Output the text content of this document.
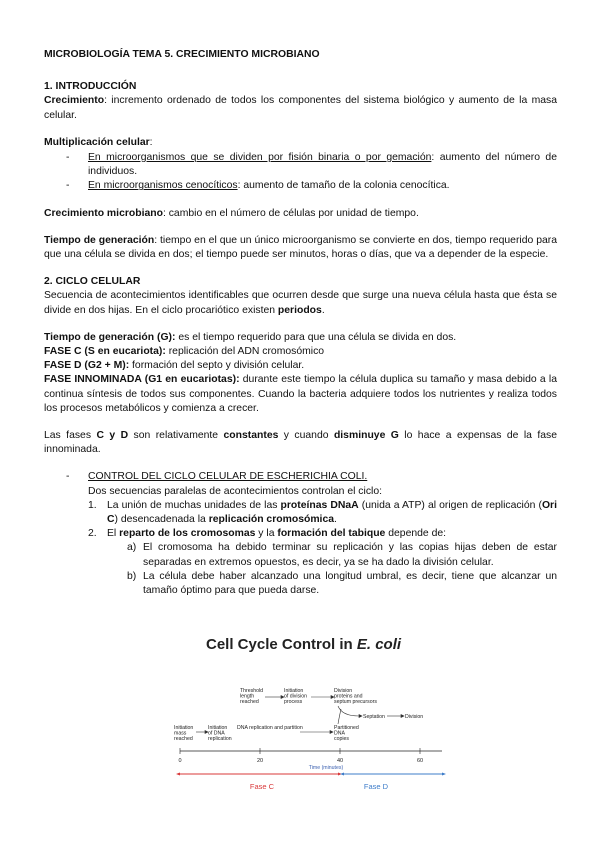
MICROBIOLOGÍA TEMA 5. CRECIMIENTO MICROBIANO

1. INTRODUCCIÓN

Crecimiento: incremento ordenado de todos los componentes del sistema biológico y aumento de la masa celular.

Multiplicación celular:

- En microorganismos que se dividen por fisión binaria o por gemación: aumento del número de individuos.
- En microorganismos cenocíticos: aumento de tamaño de la colonia cenocítica.

Crecimiento microbiano: cambio en el número de células por unidad de tiempo.

Tiempo de generación: tiempo en el que un único microorganismo se convierte en dos, tiempo requerido para que una célula se divida en dos; el tiempo puede ser minutos, horas o días, que va a depender de la especie.

2. CICLO CELULAR

Secuencia de acontecimientos identificables que ocurren desde que surge una nueva célula hasta que ésta se divide en dos hijas. En el ciclo procariótico existen periodos.

Tiempo de generación (G): es el tiempo requerido para que una célula se divida en dos.

FASE C (S en eucariota): replicación del ADN cromosómico

FASE D (G2 + M): formación del septo y división celular.

FASE INNOMINADA (G1 en eucariotas): durante este tiempo la célula duplica su tamaño y masa debido a la continua síntesis de todos sus componentes. Cuando la bacteria adquiere todos los nutrientes y realiza todos los procesos metabólicos y comienza a crecer.

Las fases C y D son relativamente constantes y cuando disminuye G lo hace a expensas de la fase innominada.

- CONTROL DEL CICLO CELULAR DE ESCHERICHIA COLI.

Dos secuencias paralelas de acontecimientos controlan el ciclo:

1. La unión de muchas unidades de las proteínas DNaA (unida a ATP) al origen de replicación (Ori C) desencadenada la replicación cromosómica.
2. El reparto de los cromosomas y la formación del tabique depende de:
a) El cromosoma ha debido terminar su replicación y las copias hijas deben de estar separadas en extremos opuestos, es decir, ya se ha dado la división celular.
b) La célula debe haber alcanzado una longitud umbral, es decir, tiene que alcanzar un tamaño óptimo para que pueda darse.
Cell Cycle Control in E. coli
Threshold length reached
Initiation of division process
Division proteins and septum precursors
Septation	Division
Initiation mass reached
Initiation of DNA replication
DNA replication and partition	Partitioned DNA copies
0	20	40	60
Time (minutes)
Fase C	Fase D
